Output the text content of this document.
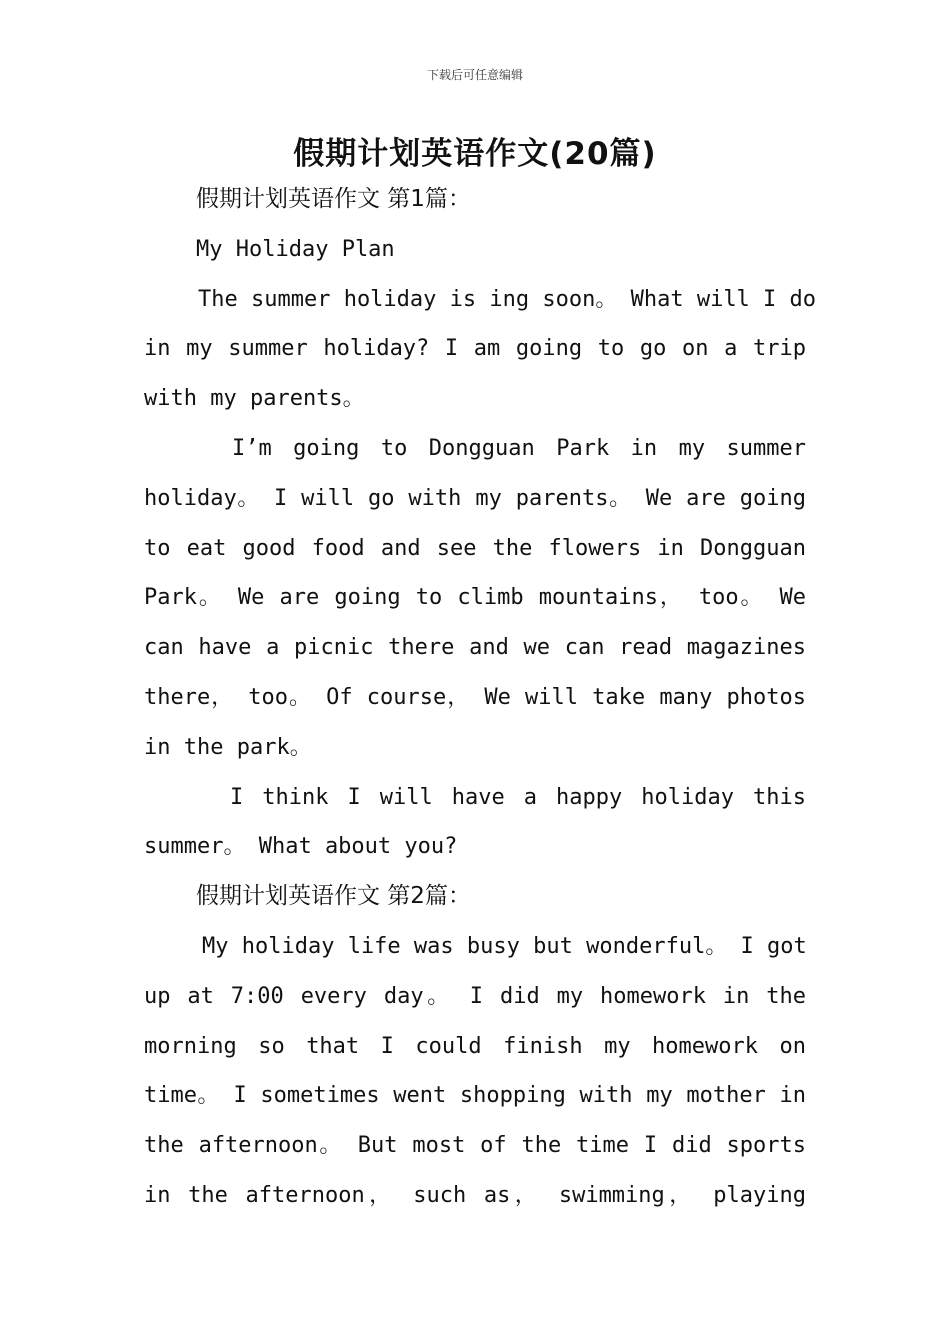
下载后可任意编辑
假期计划英语作文(20篇)
假期计划英语作文 第1篇：
My Holiday Plan
The summer holiday is ing soon。 What will I do
in my summer holiday? I am going to go on a trip
with my parents。
I’m going to Dongguan Park in my summer
holiday。 I will go with my parents。 We are going
to eat good food and see the flowers in Dongguan
Park。 We are going to climb mountains， too。 We
can have a picnic there and we can read magazines
there， too。 Of course， We will take many photos
in the park。
I think I will have a happy holiday this
summer。 What about you?
假期计划英语作文 第2篇：
My holiday life was busy but wonderful。 I got
up at 7:00 every day。 I did my homework in the
morning so that I could finish my homework on
time。 I sometimes went shopping with my mother in
the afternoon。 But most of the time I did sports
in the afternoon， such as， swimming， playing
